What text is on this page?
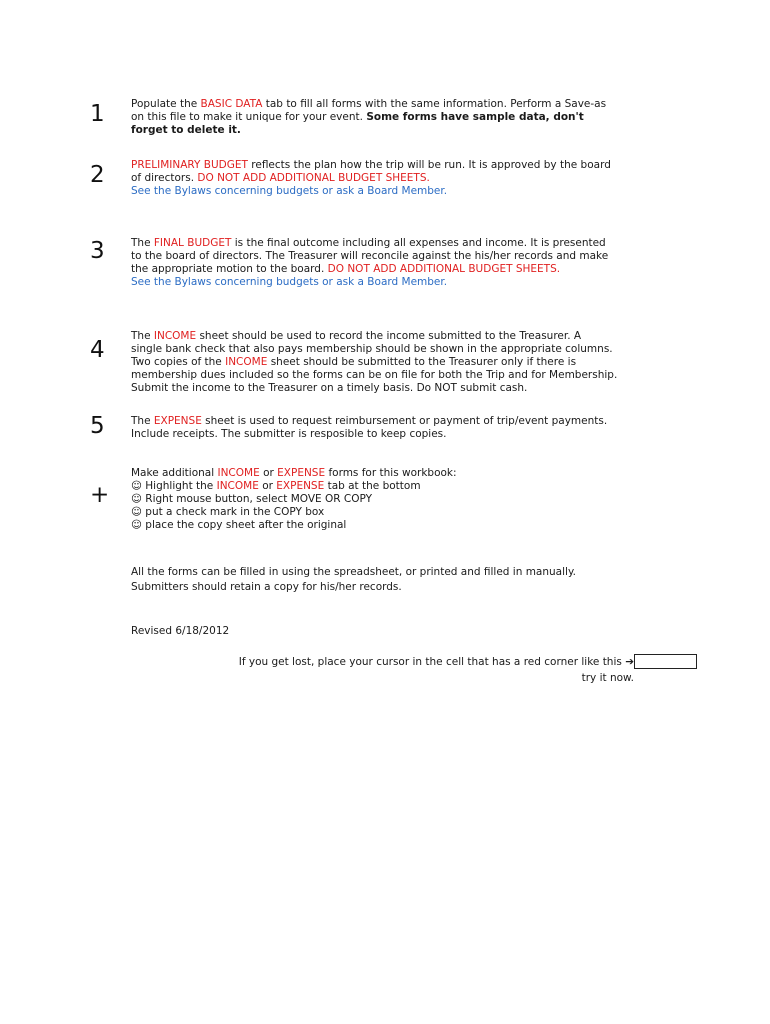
1
2
3
4
5
+
Populate the BASIC DATA tab to fill all forms with the same information. Perform a Save-as
on this file to make it unique for your event. Some forms have sample data, don't
forget to delete it.
PRELIMINARY BUDGET reflects the plan how the trip will be run. It is approved by the board
of directors. DO NOT ADD ADDITIONAL BUDGET SHEETS.
See the Bylaws concerning budgets or ask a Board Member.
The FINAL BUDGET is the final outcome including all expenses and income. It is presented
to the board of directors. The Treasurer will reconcile against the his/her records and make
the appropriate motion to the board. DO NOT ADD ADDITIONAL BUDGET SHEETS.
See the Bylaws concerning budgets or ask a Board Member.
The INCOME sheet should be used to record the income submitted to the Treasurer. A
single bank check that also pays membership should be shown in the appropriate columns.
Two copies of the INCOME sheet should be submitted to the Treasurer only if there is
membership dues included so the forms can be on file for both the Trip and for Membership.
Submit the income to the Treasurer on a timely basis. Do NOT submit cash.
The EXPENSE sheet is used to request reimbursement or payment of trip/event payments.
Include receipts. The submitter is resposible to keep copies.
Make additional INCOME or EXPENSE forms for this workbook:
☺ Highlight the INCOME or EXPENSE tab at the bottom
☺ Right mouse button, select MOVE OR COPY
☺ put a check mark in the COPY box
☺ place the copy sheet after the original
All the forms can be filled in using the spreadsheet, or printed and filled in manually.
Submitters should retain a copy for his/her records.
Revised 6/18/2012
If you get lost, place your cursor in the cell that has a red corner like this ➔
try it now.
